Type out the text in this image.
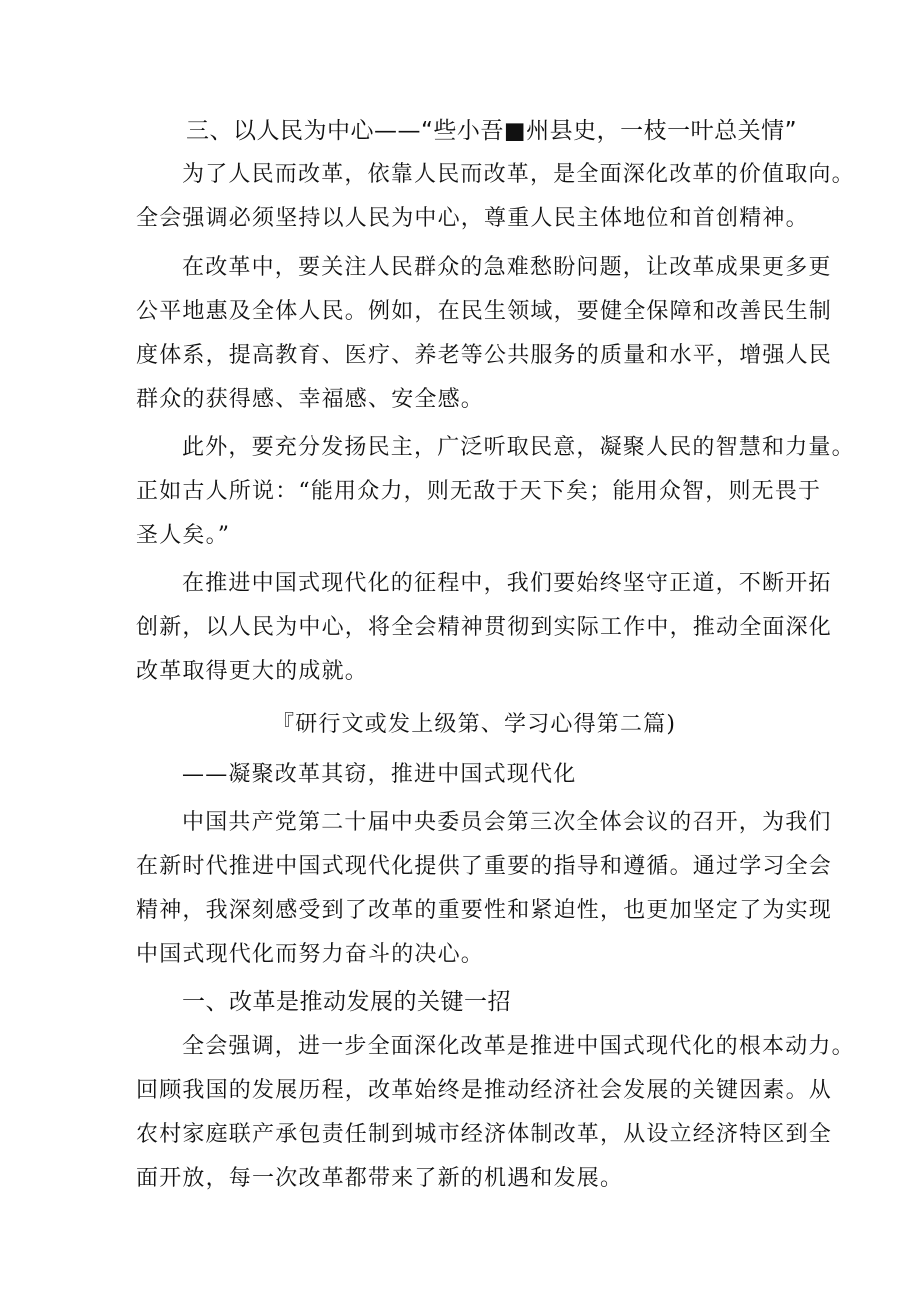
三、以人民为中心——“些小吾■州县史，一枝一叶总关情”
为了人民而改革，依靠人民而改革，是全面深化改革的价值取向。
全会强调必须坚持以人民为中心，尊重人民主体地位和首创精神。
在改革中，要关注人民群众的急难愁盼问题，让改革成果更多更
公平地惠及全体人民。例如，在民生领域，要健全保障和改善民生制
度体系，提高教育、医疗、养老等公共服务的质量和水平，增强人民
群众的获得感、幸福感、安全感。
此外，要充分发扬民主，广泛听取民意，凝聚人民的智慧和力量。
正如古人所说：“能用众力，则无敌于天下矣；能用众智，则无畏于
圣人矣。”
在推进中国式现代化的征程中，我们要始终坚守正道，不断开拓
创新，以人民为中心，将全会精神贯彻到实际工作中，推动全面深化
改革取得更大的成就。
『研行文或发上级第、学习心得第二篇)
——凝聚改革其窃，推进中国式现代化
中国共产党第二十届中央委员会第三次全体会议的召开，为我们
在新时代推进中国式现代化提供了重要的指导和遵循。通过学习全会
精神，我深刻感受到了改革的重要性和紧迫性，也更加坚定了为实现
中国式现代化而努力奋斗的决心。
一、改革是推动发展的关键一招
全会强调，进一步全面深化改革是推进中国式现代化的根本动力。
回顾我国的发展历程，改革始终是推动经济社会发展的关键因素。从
农村家庭联产承包责任制到城市经济体制改革，从设立经济特区到全
面开放，每一次改革都带来了新的机遇和发展。
